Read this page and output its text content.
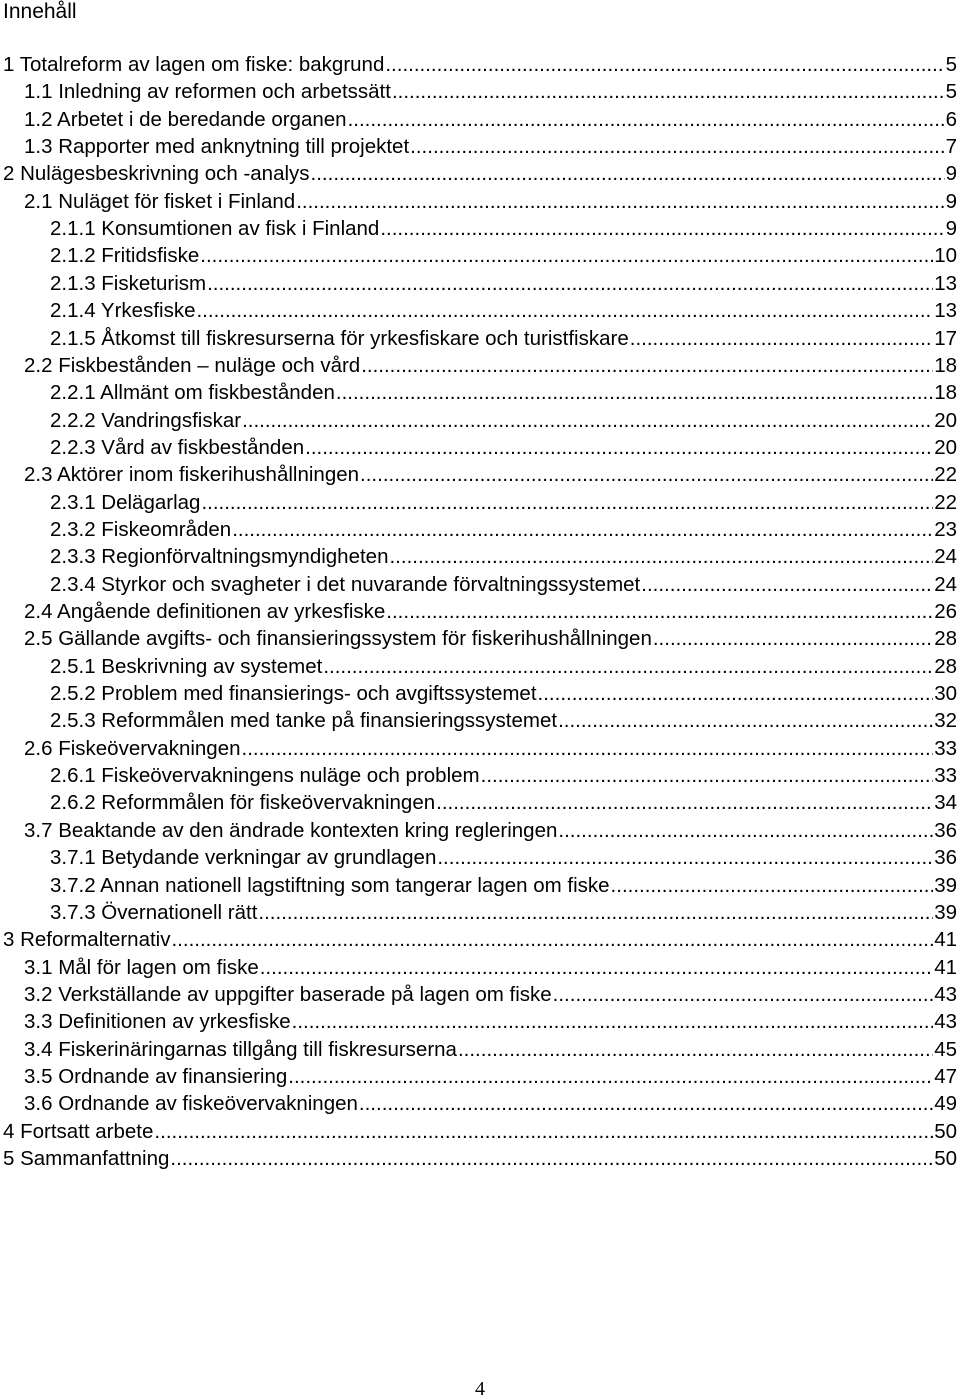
Innehåll
1 Totalreform av lagen om fiske: bakgrund .....	5
1.1 Inledning av reformen och arbetssätt .....	5
1.2 Arbetet i de beredande organen .....	6
1.3 Rapporter med anknytning till projektet .....	7
2 Nulägesbeskrivning och -analys .....	9
2.1 Nuläget för fisket i Finland .....	9
2.1.1 Konsumtionen av fisk i Finland .....	9
2.1.2 Fritidsfiske .....	10
2.1.3 Fisketurism .....	13
2.1.4 Yrkesfiske .....	13
2.1.5 Åtkomst till fiskresurserna för yrkesfiskare och turistfiskare .....	17
2.2 Fiskbestånden – nuläge och vård .....	18
2.2.1 Allmänt om fiskbestånden .....	18
2.2.2 Vandringsfiskar .....	20
2.2.3 Vård av fiskbestånden .....	20
2.3 Aktörer inom fiskerihushållningen .....	22
2.3.1 Delägarlag .....	22
2.3.2 Fiskeområden .....	23
2.3.3 Regionförvaltningsmyndigheten .....	24
2.3.4 Styrkor och svagheter i det nuvarande förvaltningssystemet .....	24
2.4 Angående definitionen av yrkesfiske .....	26
2.5 Gällande avgifts- och finansieringssystem för fiskerihushållningen .....	28
2.5.1 Beskrivning av systemet .....	28
2.5.2 Problem med finansierings- och avgiftssystemet .....	30
2.5.3 Reformmålen med tanke på finansieringssystemet .....	32
2.6 Fiskeövervakningen .....	33
2.6.1 Fiskeövervakningens nuläge och problem .....	33
2.6.2 Reformmålen för fiskeövervakningen .....	34
3.7 Beaktande av den ändrade kontexten kring regleringen .....	36
3.7.1 Betydande verkningar av grundlagen .....	36
3.7.2 Annan nationell lagstiftning som tangerar lagen om fiske .....	39
3.7.3 Övernationell rätt .....	39
3 Reformalternativ .....	41
3.1 Mål för lagen om fiske .....	41
3.2 Verkställande av uppgifter baserade på lagen om fiske .....	43
3.3 Definitionen av yrkesfiske .....	43
3.4 Fiskerinäringarnas tillgång till fiskresurserna .....	45
3.5 Ordnande av finansiering .....	47
3.6 Ordnande av fiskeövervakningen .....	49
4 Fortsatt arbete .....	50
5 Sammanfattning .....	50
4
